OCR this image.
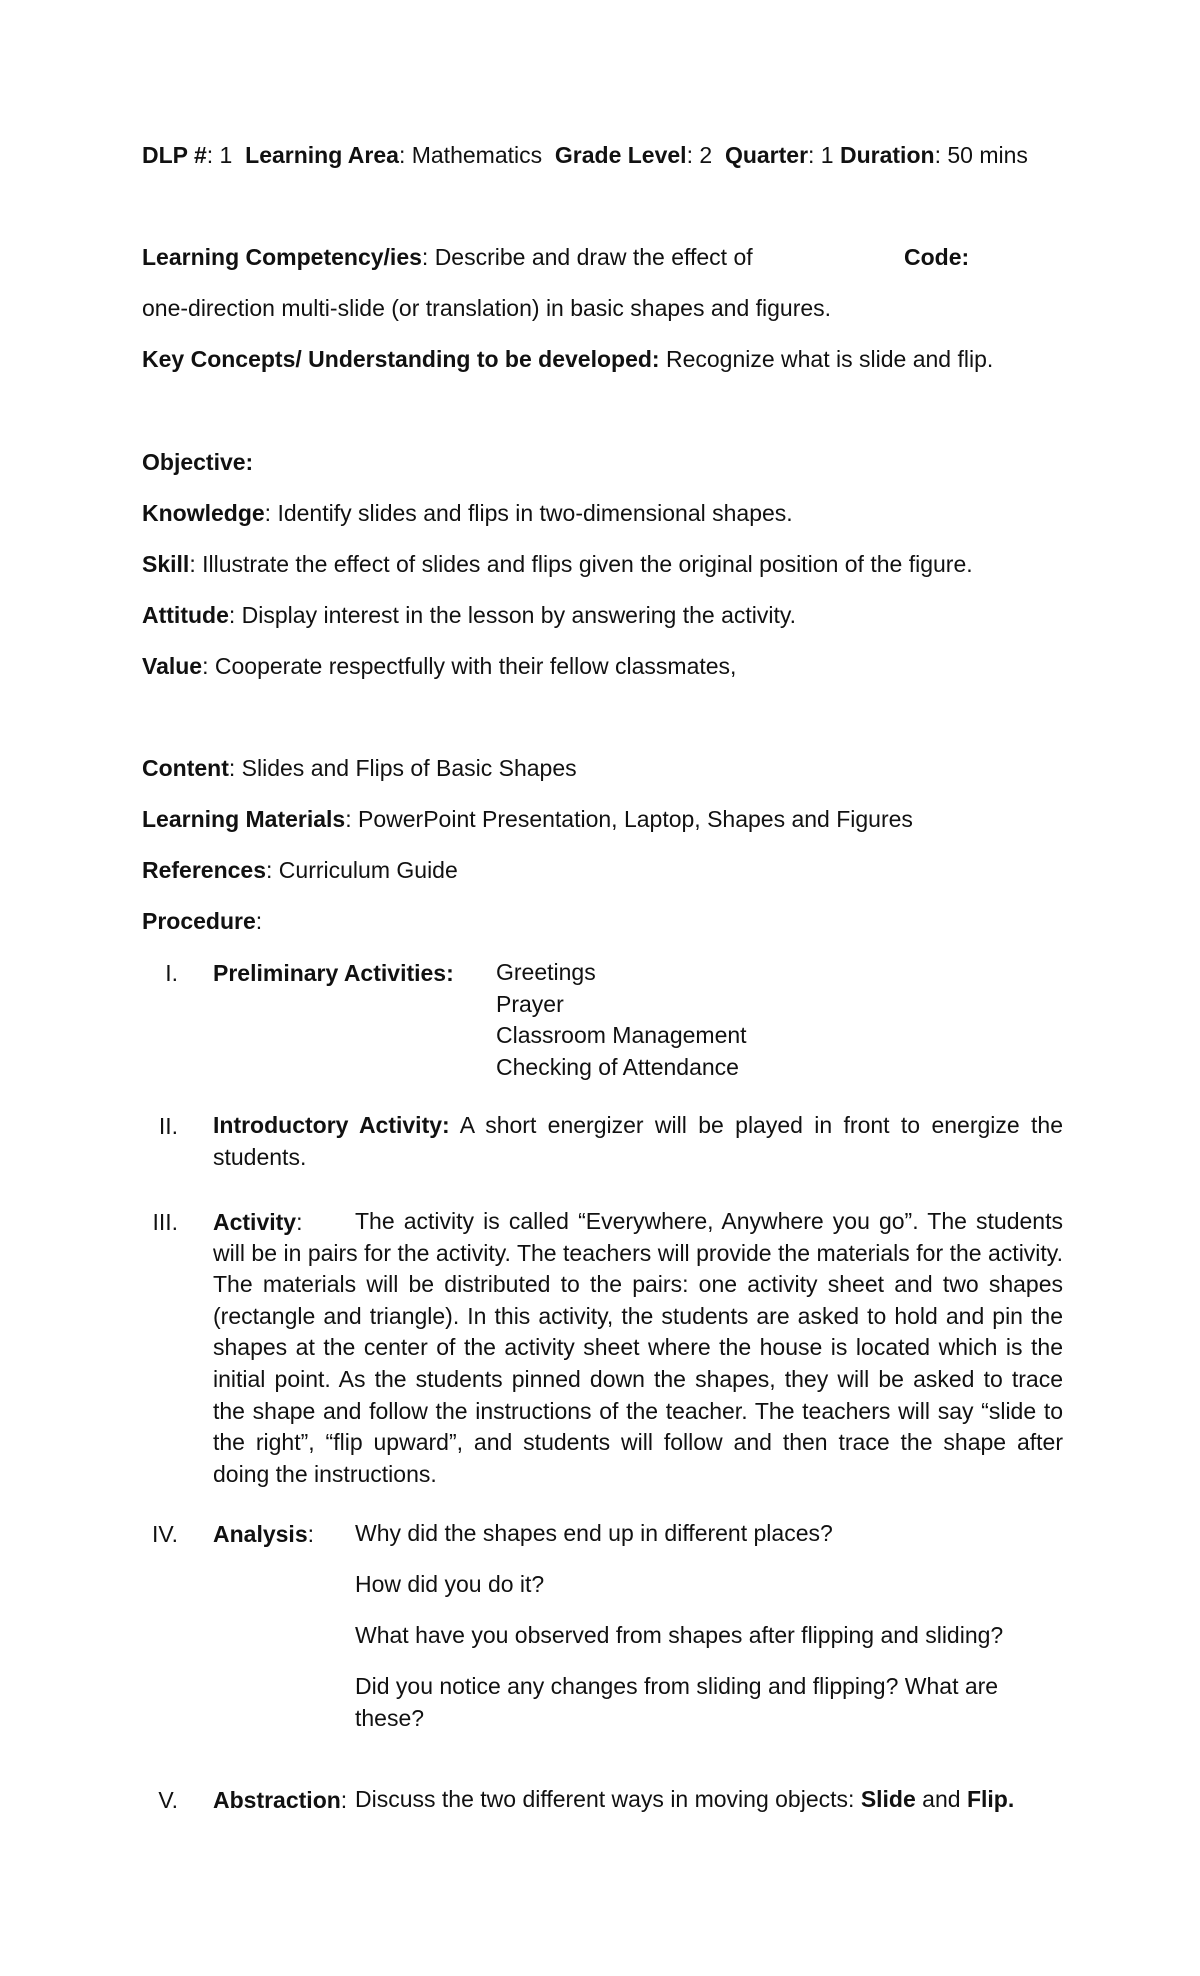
DLP #: 1 Learning Area: Mathematics Grade Level: 2 Quarter: 1 Duration: 50 mins
Learning Competency/ies: Describe and draw the effect of	Code:
one-direction multi-slide (or translation) in basic shapes and figures.
Key Concepts/ Understanding to be developed: Recognize what is slide and flip.
Objective:
Knowledge: Identify slides and flips in two-dimensional shapes.
Skill: Illustrate the effect of slides and flips given the original position of the figure.
Attitude: Display interest in the lesson by answering the activity.
Value: Cooperate respectfully with their fellow classmates,
Content: Slides and Flips of Basic Shapes
Learning Materials: PowerPoint Presentation, Laptop, Shapes and Figures
References: Curriculum Guide
Procedure:
I. Preliminary Activities: Greetings
Prayer
Classroom Management
Checking of Attendance
II. Introductory Activity: A short energizer will be played in front to energize the students.
III. Activity:	The activity is called “Everywhere, Anywhere you go”. The students will be in pairs for the activity. The teachers will provide the materials for the activity. The materials will be distributed to the pairs: one activity sheet and two shapes (rectangle and triangle). In this activity, the students are asked to hold and pin the shapes at the center of the activity sheet where the house is located which is the initial point. As the students pinned down the shapes, they will be asked to trace the shape and follow the instructions of the teacher. The teachers will say “slide to the right”, “flip upward”, and students will follow and then trace the shape after doing the instructions.
IV. Analysis: Why did the shapes end up in different places?
How did you do it?
What have you observed from shapes after flipping and sliding?
Did you notice any changes from sliding and flipping? What are these?
V. Abstraction: Discuss the two different ways in moving objects: Slide and Flip.
